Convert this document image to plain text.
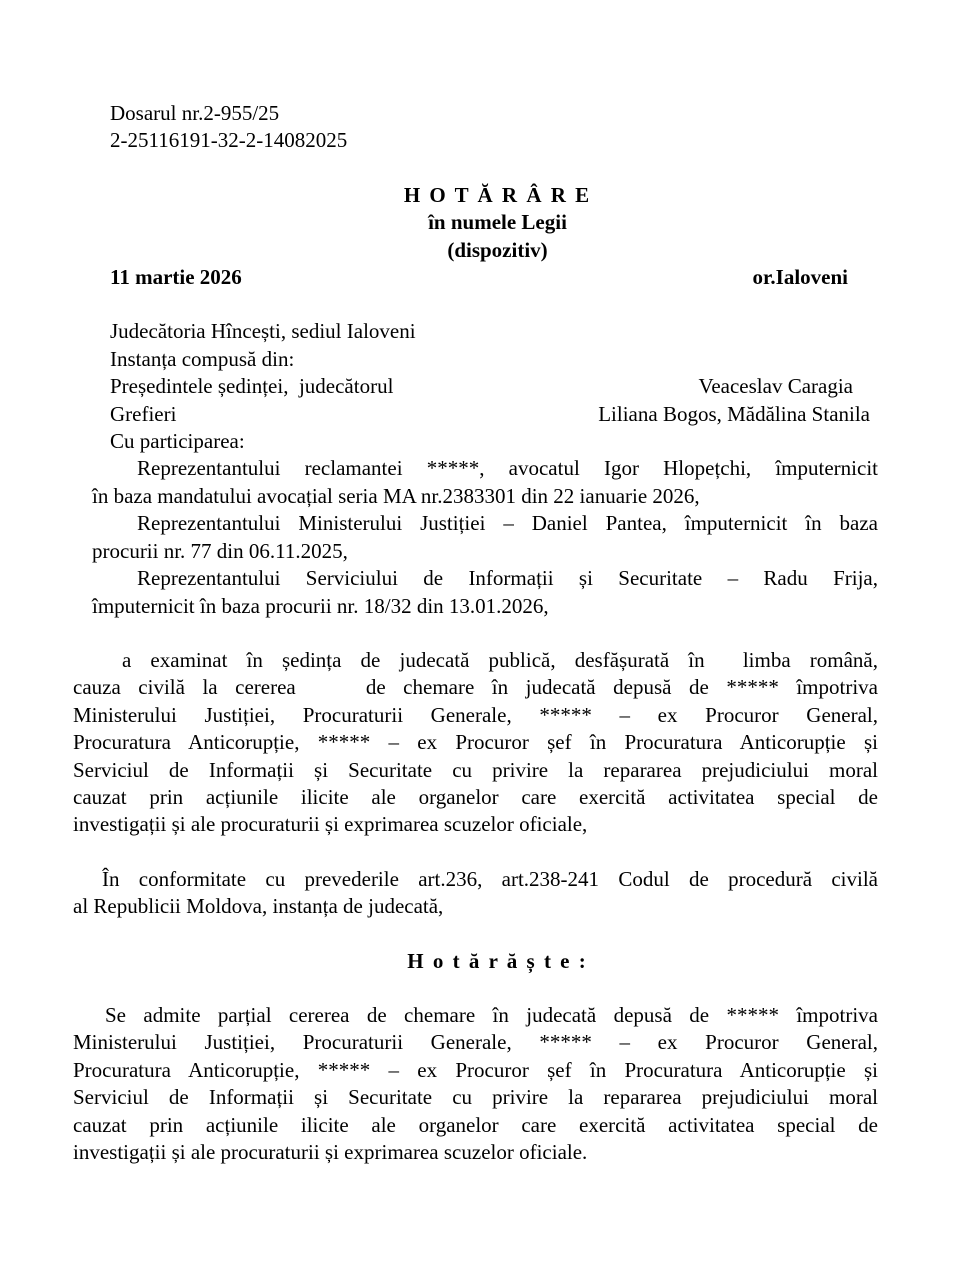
Dosarul nr.2-955/25
2-25116191-32-2-14082025
H O T Ă R Â R E
în numele Legii
(dispozitiv)
11 martie 2026	or.Ialoveni
Judecătoria Hîncești, sediul Ialoveni
Instanța compusă din:
Președintele ședinței,  judecătorul	Veaceslav Caragia
Grefieri	Liliana Bogos, Mădălina Stanila
Cu participarea:
Reprezentantului reclamantei *****, avocatul Igor Hlopețchi, împuternicit
în baza mandatului avocațial seria MA nr.2383301 din 22 ianuarie 2026,
Reprezentantului Ministerului Justiției – Daniel Pantea, împuternicit în baza
procurii nr. 77 din 06.11.2025,
Reprezentantului Serviciului de Informații și Securitate – Radu Frija,
împuternicit în baza procurii nr. 18/32 din 13.01.2026,
a examinat în ședința de judecată publică, desfășurată în  limba română,
cauza civilă la cererea    de chemare în judecată depusă de ***** împotriva
Ministerului Justiției, Procuraturii Generale, ***** – ex Procuror General,
Procuratura Anticorupție, ***** – ex Procuror șef în Procuratura Anticorupție și
Serviciul de Informații și Securitate cu privire la repararea prejudiciului moral
cauzat prin acțiunile ilicite ale organelor care exercită activitatea special de
investigații și ale procuraturii și exprimarea scuzelor oficiale,
În conformitate cu prevederile art.236, art.238-241 Codul de procedură civilă
al Republicii Moldova, instanța de judecată,
H o t ă r ă ș t e :
Se admite parțial cererea de chemare în judecată depusă de ***** împotriva
Ministerului Justiției, Procuraturii Generale, ***** – ex Procuror General,
Procuratura Anticorupție, ***** – ex Procuror șef în Procuratura Anticorupție și
Serviciul de Informații și Securitate cu privire la repararea prejudiciului moral
cauzat prin acțiunile ilicite ale organelor care exercită activitatea special de
investigații și ale procuraturii și exprimarea scuzelor oficiale.
